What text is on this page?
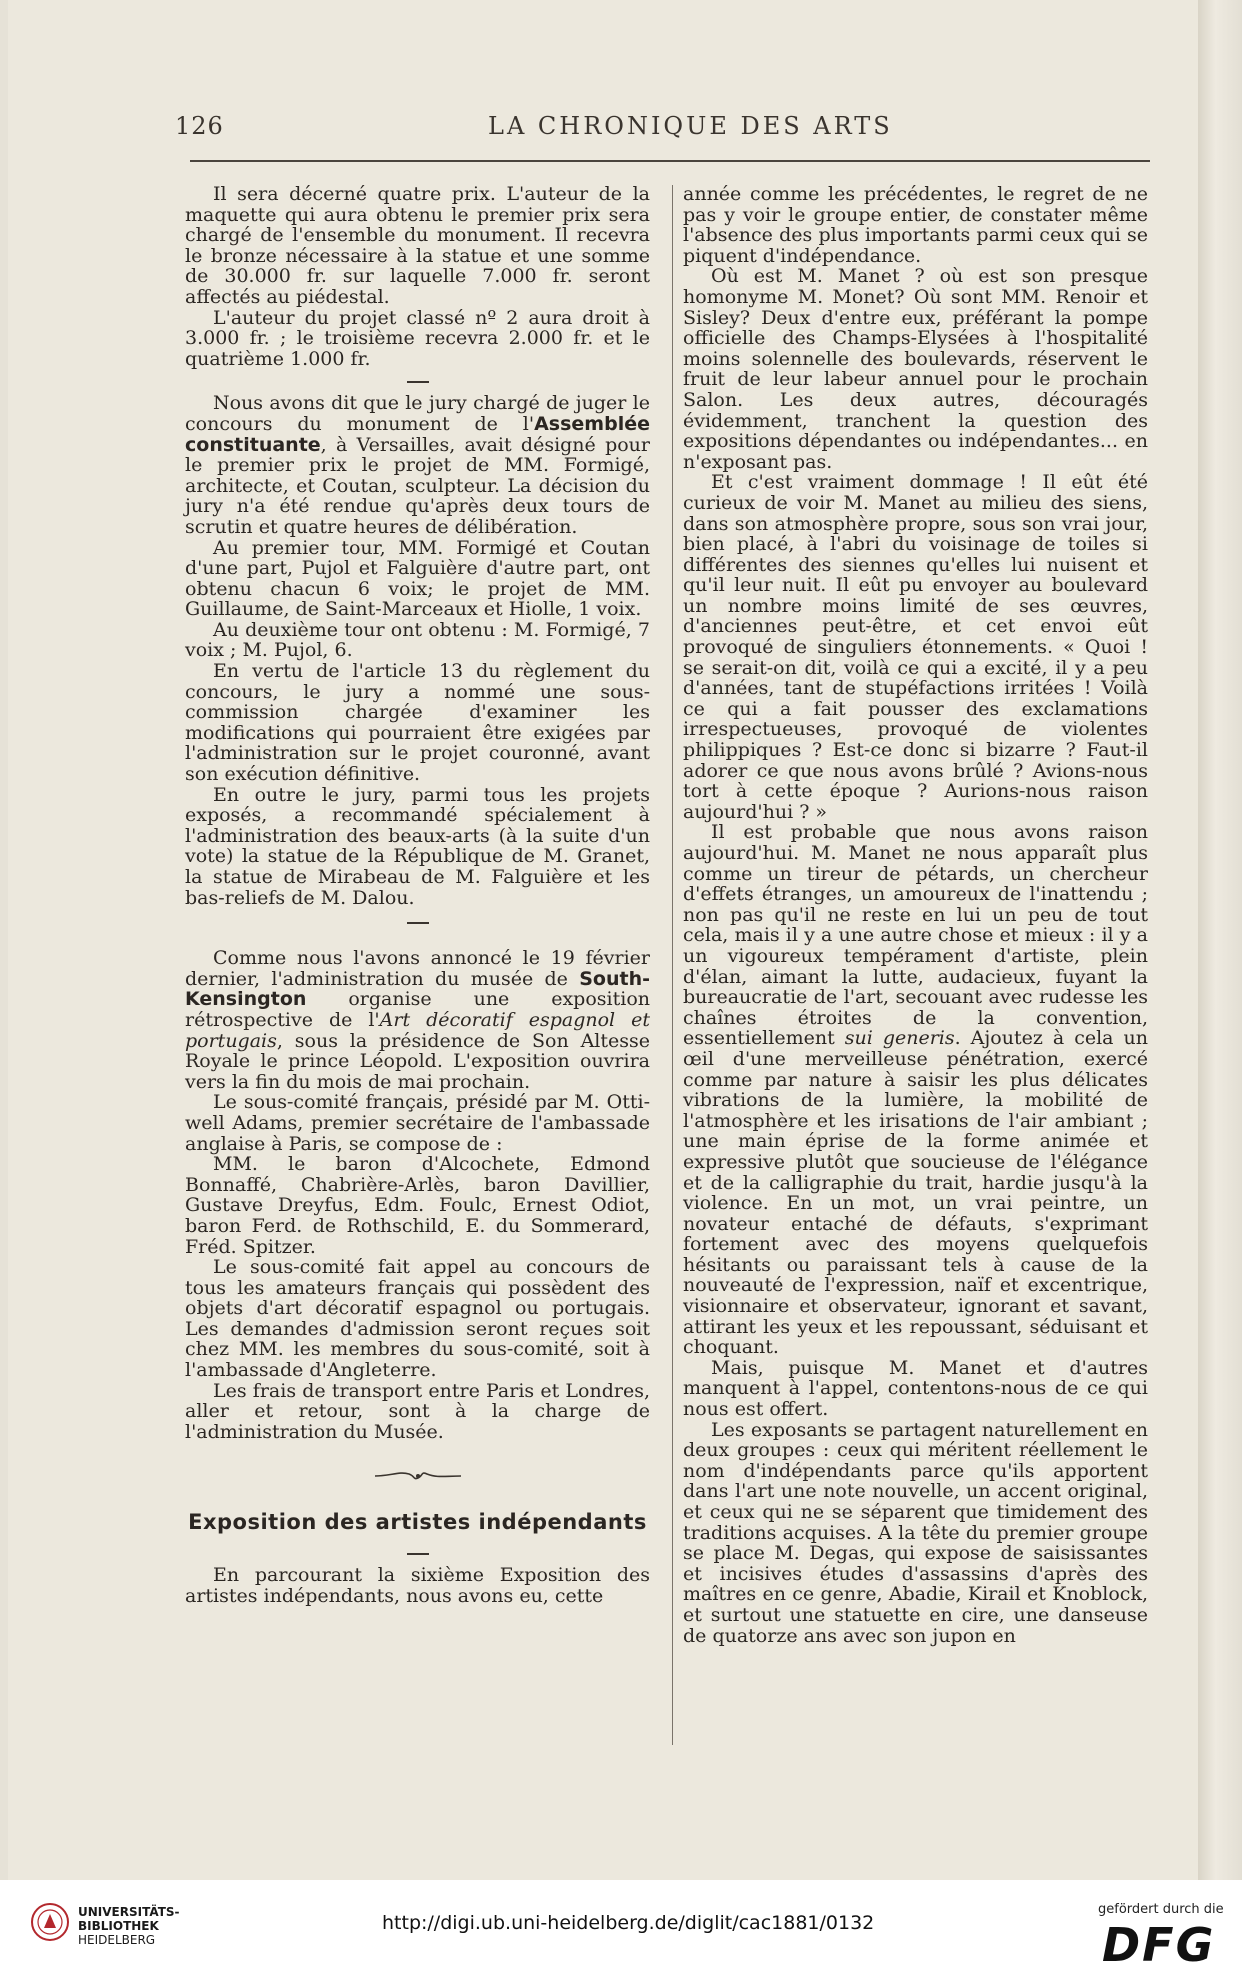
126	LA CHRONIQUE DES ARTS

Il sera décerné quatre prix. L'auteur de la maquette qui aura obtenu le premier prix sera chargé de l'ensemble du monument. Il recevra le bronze nécessaire à la statue et une somme de 30.000 fr. sur laquelle 7.000 fr. seront affectés au piédestal.

L'auteur du projet classé nº 2 aura droit à 3.000 fr. ; le troisième recevra 2.000 fr. et le quatrième 1.000 fr.

Nous avons dit que le jury chargé de juger le concours du monument de l'Assemblée constituante, à Versailles, avait désigné pour le premier prix le projet de MM. Formigé, architecte, et Coutan, sculpteur. La décision du jury n'a été rendue qu'après deux tours de scrutin et quatre heures de délibération.

Au premier tour, MM. Formigé et Coutan d'une part, Pujol et Falguière d'autre part, ont obtenu chacun 6 voix; le projet de MM. Guillaume, de Saint-Marceaux et Hiolle, 1 voix.

Au deuxième tour ont obtenu : M. Formigé, 7 voix ; M. Pujol, 6.

En vertu de l'article 13 du règlement du concours, le jury a nommé une sous-commission chargée d'examiner les modifications qui pourraient être exigées par l'administration sur le projet couronné, avant son exécution définitive.

En outre le jury, parmi tous les projets exposés, a recommandé spécialement à l'administration des beaux-arts (à la suite d'un vote) la statue de la République de M. Granet, la statue de Mirabeau de M. Falguière et les bas-reliefs de M. Dalou.

Comme nous l'avons annoncé le 19 février dernier, l'administration du musée de South-Kensington organise une exposition rétrospective de l'Art décoratif espagnol et portugais, sous la présidence de Son Altesse Royale le prince Léopold. L'exposition ouvrira vers la fin du mois de mai prochain.

Le sous-comité français, présidé par M. Otti-well Adams, premier secrétaire de l'ambassade anglaise à Paris, se compose de :

MM. le baron d'Alcochete, Edmond Bonnaffé, Chabrière-Arlès, baron Davillier, Gustave Dreyfus, Edm. Foulc, Ernest Odiot, baron Ferd. de Rothschild, E. du Sommerard, Fréd. Spitzer.

Le sous-comité fait appel au concours de tous les amateurs français qui possèdent des objets d'art décoratif espagnol ou portugais. Les demandes d'admission seront reçues soit chez MM. les membres du sous-comité, soit à l'ambassade d'Angleterre.

Les frais de transport entre Paris et Londres, aller et retour, sont à la charge de l'administration du Musée.

Exposition des artistes indépendants

En parcourant la sixième Exposition des artistes indépendants, nous avons eu, cette

année comme les précédentes, le regret de ne pas y voir le groupe entier, de constater même l'absence des plus importants parmi ceux qui se piquent d'indépendance.

Où est M. Manet ? où est son presque homonyme M. Monet? Où sont MM. Renoir et Sisley? Deux d'entre eux, préférant la pompe officielle des Champs-Elysées à l'hospitalité moins solennelle des boulevards, réservent le fruit de leur labeur annuel pour le prochain Salon. Les deux autres, découragés évidemment, tranchent la question des expositions dépendantes ou indépendantes... en n'exposant pas.

Et c'est vraiment dommage ! Il eût été curieux de voir M. Manet au milieu des siens, dans son atmosphère propre, sous son vrai jour, bien placé, à l'abri du voisinage de toiles si différentes des siennes qu'elles lui nuisent et qu'il leur nuit. Il eût pu envoyer au boulevard un nombre moins limité de ses œuvres, d'anciennes peut-être, et cet envoi eût provoqué de singuliers étonnements. « Quoi ! se serait-on dit, voilà ce qui a excité, il y a peu d'années, tant de stupéfactions irritées ! Voilà ce qui a fait pousser des exclamations irrespectueuses, provoqué de violentes philippiques ? Est-ce donc si bizarre ? Faut-il adorer ce que nous avons brûlé ? Avions-nous tort à cette époque ? Aurions-nous raison aujourd'hui ? »

Il est probable que nous avons raison aujourd'hui. M. Manet ne nous apparaît plus comme un tireur de pétards, un chercheur d'effets étranges, un amoureux de l'inattendu ; non pas qu'il ne reste en lui un peu de tout cela, mais il y a une autre chose et mieux : il y a un vigoureux tempérament d'artiste, plein d'élan, aimant la lutte, audacieux, fuyant la bureaucratie de l'art, secouant avec rudesse les chaînes étroites de la convention, essentiellement sui generis. Ajoutez à cela un œil d'une merveilleuse pénétration, exercé comme par nature à saisir les plus délicates vibrations de la lumière, la mobilité de l'atmosphère et les irisations de l'air ambiant ; une main éprise de la forme animée et expressive plutôt que soucieuse de l'élégance et de la calligraphie du trait, hardie jusqu'à la violence. En un mot, un vrai peintre, un novateur entaché de défauts, s'exprimant fortement avec des moyens quelquefois hésitants ou paraissant tels à cause de la nouveauté de l'expression, naïf et excentrique, visionnaire et observateur, ignorant et savant, attirant les yeux et les repoussant, séduisant et choquant.

Mais, puisque M. Manet et d'autres manquent à l'appel, contentons-nous de ce qui nous est offert.

Les exposants se partagent naturellement en deux groupes : ceux qui méritent réellement le nom d'indépendants parce qu'ils apportent dans l'art une note nouvelle, un accent original, et ceux qui ne se séparent que timidement des traditions acquises. A la tête du premier groupe se place M. Degas, qui expose de saisissantes et incisives études d'assassins d'après des maîtres en ce genre, Abadie, Kirail et Knoblock, et surtout une statuette en cire, une danseuse de quatorze ans avec son jupon en

UNIVERSITÄTS-
BIBLIOTHEK
HEIDELBERG
http://digi.ub.uni-heidelberg.de/diglit/cac1881/0132
gefördert durch die
DFG
